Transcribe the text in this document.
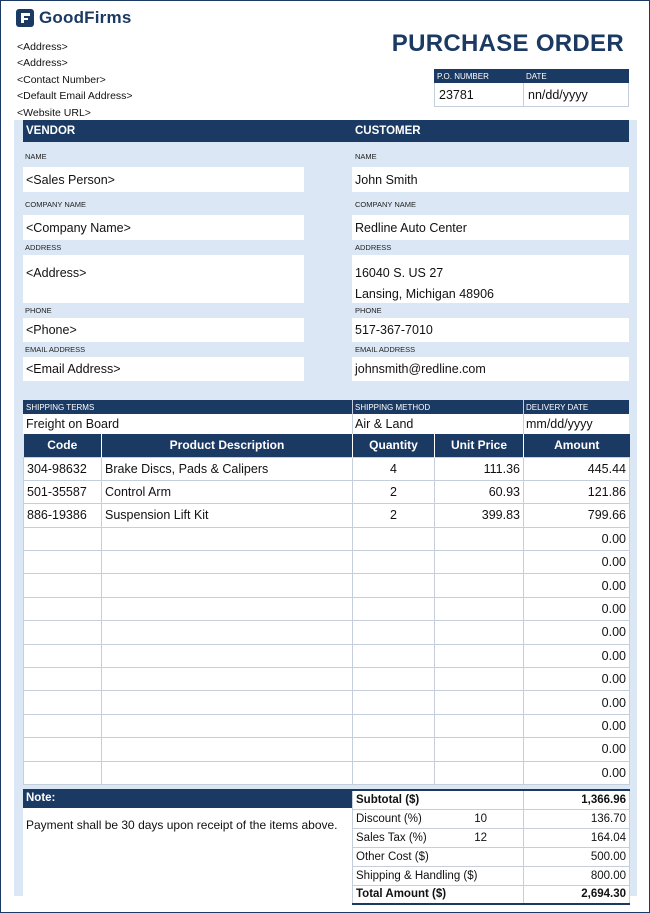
GoodFirms
<Address>
<Address>
<Contact Number>
<Default Email Address>
<Website URL>
PURCHASE ORDER
P.O. NUMBER	DATE
23781	nn/dd/yyyy
VENDOR	CUSTOMER
NAME
<Sales Person>
COMPANY NAME
<Company Name>
ADDRESS
<Address>
PHONE
<Phone>
EMAIL ADDRESS
<Email Address>
NAME
John Smith
COMPANY NAME
Redline Auto Center
ADDRESS
16040 S. US 27
Lansing, Michigan 48906
PHONE
517-367-7010
EMAIL ADDRESS
johnsmith@redline.com
SHIPPING TERMS	SHIPPING METHOD	DELIVERY DATE
Freight on Board	Air & Land	mm/dd/yyyy
Code	Product Description	Quantity	Unit Price	Amount
304-98632	Brake Discs, Pads & Calipers	4	111.36	445.44
501-35587	Control Arm	2	60.93	121.86
886-19386	Suspension Lift Kit	2	399.83	799.66
				0.00
				0.00
				0.00
				0.00
				0.00
				0.00
				0.00
				0.00
				0.00
				0.00
				0.00
Note:
Payment shall be 30 days upon receipt of the items above.
Subtotal ($)		1,366.96
Discount (%)	10	136.70
Sales Tax (%)	12	164.04
Other Cost ($)		500.00
Shipping & Handling ($)		800.00
Total Amount ($)		2,694.30
